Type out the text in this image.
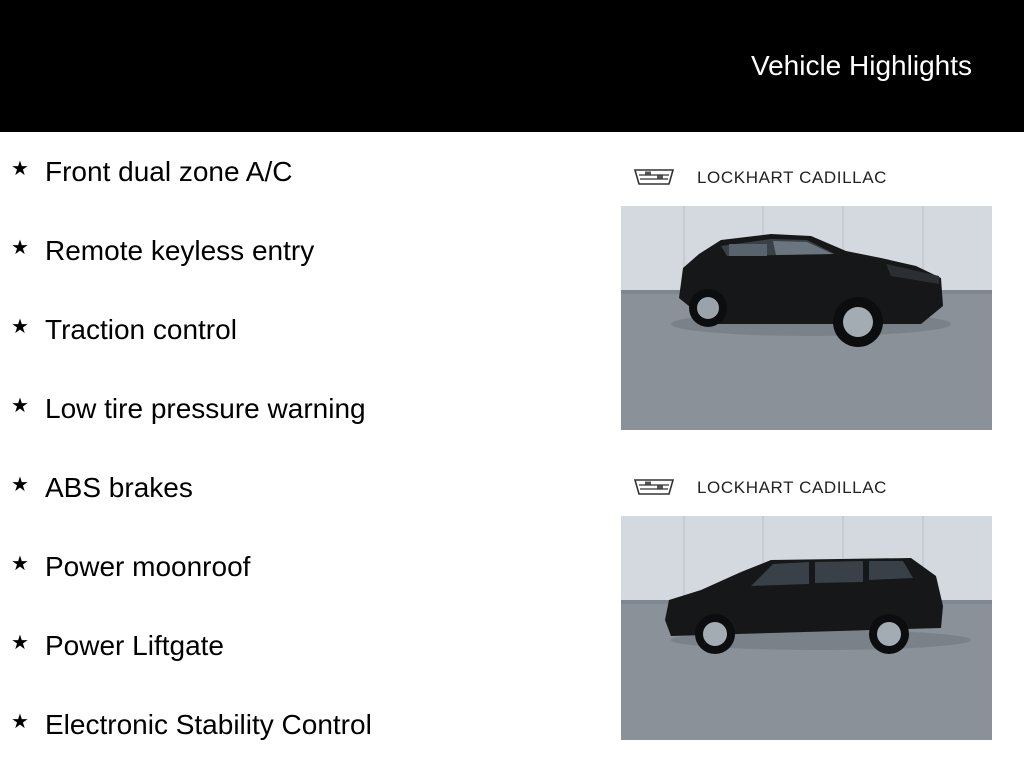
Vehicle Highlights
★ Front dual zone A/C
★ Remote keyless entry
★ Traction control
★ Low tire pressure warning
★ ABS brakes
★ Power moonroof
★ Power Liftgate
★ Electronic Stability Control
LOCKHART CADILLAC
LOCKHART CADILLAC
